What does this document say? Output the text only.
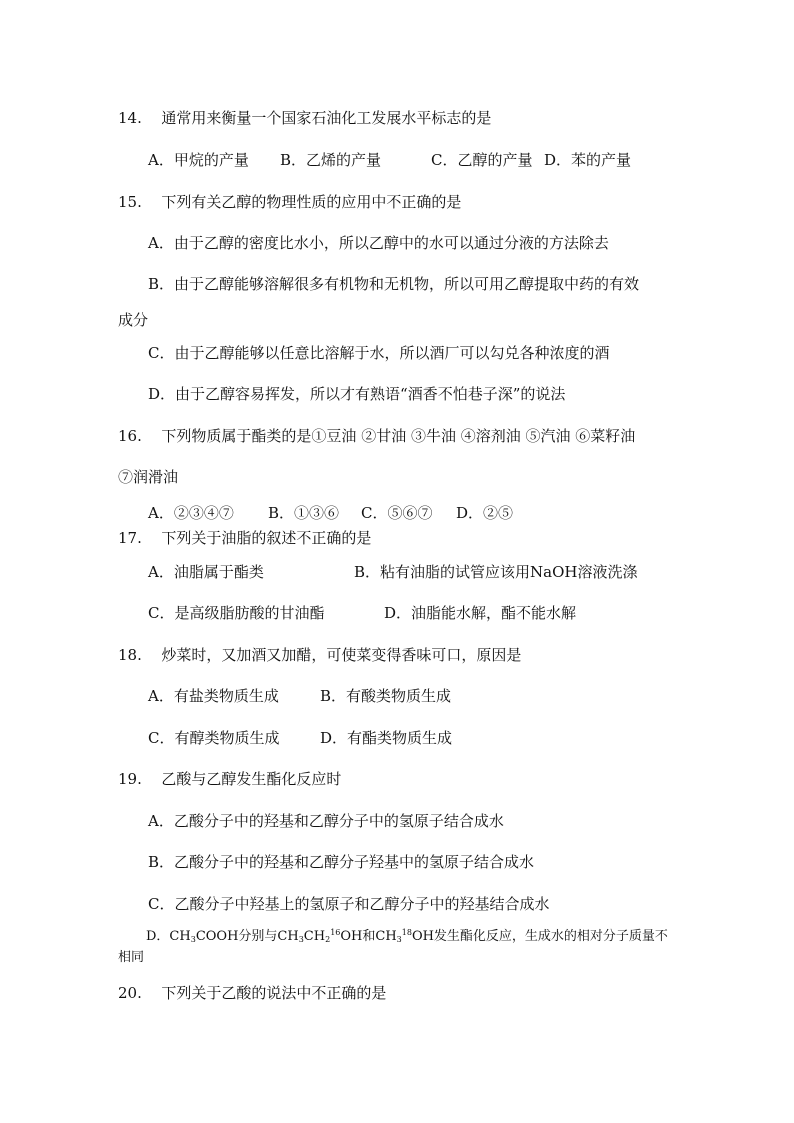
14. 通常用来衡量一个国家石油化工发展水平标志的是
A．甲烷的产量 B．乙烯的产量	C．乙醇的产量 D．苯的产量
15. 下列有关乙醇的物理性质的应用中不正确的是
A．由于乙醇的密度比水小，所以乙醇中的水可以通过分液的方法除去
B．由于乙醇能够溶解很多有机物和无机物，所以可用乙醇提取中药的有效
成分
C．由于乙醇能够以任意比溶解于水，所以酒厂可以勾兑各种浓度的酒
D．由于乙醇容易挥发，所以才有熟语“酒香不怕巷子深”的说法
16. 下列物质属于酯类的是①豆油 ②甘油 ③牛油 ④溶剂油 ⑤汽油 ⑥菜籽油
⑦润滑油
A．②③④⑦ B．①③⑥ C．⑤⑥⑦ D．②⑤
17. 下列关于油脂的叙述不正确的是
A．油脂属于酯类	B．粘有油脂的试管应该用NaOH溶液洗涤
C．是高级脂肪酸的甘油酯	D．油脂能水解，酯不能水解
18. 炒菜时，又加酒又加醋，可使菜变得香味可口，原因是
A．有盐类物质生成	B．有酸类物质生成
C．有醇类物质生成	D．有酯类物质生成
19. 乙酸与乙醇发生酯化反应时
A．乙酸分子中的羟基和乙醇分子中的氢原子结合成水
B．乙酸分子中的羟基和乙醇分子羟基中的氢原子结合成水
C．乙酸分子中羟基上的氢原子和乙醇分子中的羟基结合成水
D．$CH_3COOH$分别与$CH_3CH_2^{16}OH$和$CH_3^{18}OH$发生酯化反应，生成水的相对分子质量不
相同
20. 下列关于乙酸的说法中不正确的是
